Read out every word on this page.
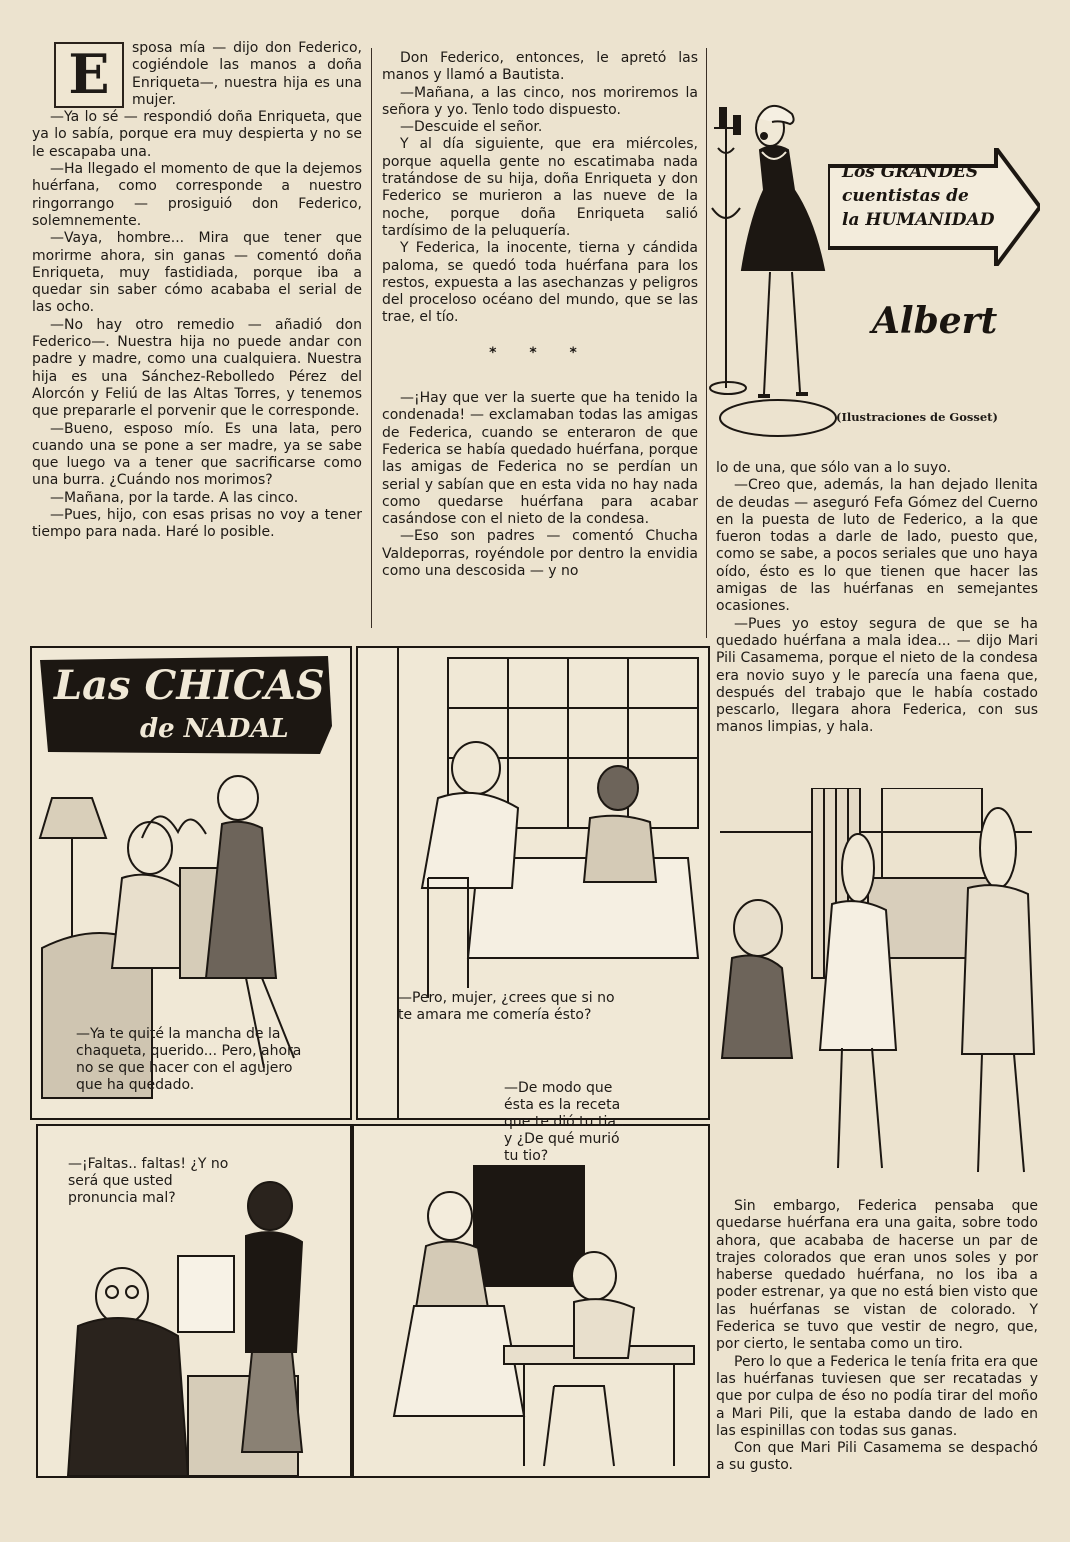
E	sposa mía — dijo don Federico, cogiéndole las manos a doña Enriqueta—, nuestra hija es una mujer.

—Ya lo sé — respondió doña Enriqueta, que ya lo sabía, porque era muy despierta y no se le escapaba una.

—Ha llegado el momento de que la dejemos huérfana, como corresponde a nuestro ringorrango — prosiguió don Federico, solemnemente.

—Vaya, hombre... Mira que tener que morirme ahora, sin ganas — comentó doña Enriqueta, muy fastidiada, porque iba a quedar sin saber cómo acababa el serial de las ocho.

—No hay otro remedio — añadió don Federico—. Nuestra hija no puede andar con padre y madre, como una cualquiera. Nuestra hija es una Sánchez-Rebolledo Pérez del Alorcón y Feliú de las Altas Torres, y tenemos que prepararle el porvenir que le corresponde.

—Bueno, esposo mío. Es una lata, pero cuando una se pone a ser madre, ya se sabe que luego va a tener que sacrificarse como una burra. ¿Cuándo nos morimos?

—Mañana, por la tarde. A las cinco.

—Pues, hijo, con esas prisas no voy a tener tiempo para nada. Haré lo posible.

Don Federico, entonces, le apretó las manos y llamó a Bautista.

—Mañana, a las cinco, nos moriremos la señora y yo. Tenlo todo dispuesto.

—Descuide el señor.

Y al día siguiente, que era miércoles, porque aquella gente no escatimaba nada tratándose de su hija, doña Enriqueta y don Federico se murieron a las nueve de la noche, porque doña Enriqueta salió tardísimo de la peluquería.

Y Federica, la inocente, tierna y cándida paloma, se quedó toda huérfana para los restos, expuesta a las asechanzas y peligros del proceloso océano del mundo, que se las trae, el tío.

* * *

—¡Hay que ver la suerte que ha tenido la condenada! — exclamaban todas las amigas de Federica, cuando se enteraron de que Federica se había quedado huérfana, porque las amigas de Federica no se perdían un serial y sabían que en esta vida no hay nada como quedarse huérfana para acabar casándose con el nieto de la condesa.

—Eso son padres — comentó Chucha Valdeporras, royéndole por dentro la envidia como una descosida — y no

Los GRANDES
cuentistas de
la HUMANIDAD
Albert
(Ilustraciones de Gosset)

lo de una, que sólo van a lo suyo.

—Creo que, además, la han dejado llenita de deudas — aseguró Fefa Gómez del Cuerno en la puesta de luto de Federico, a la que fueron todas a darle de lado, puesto que, como se sabe, a pocos seriales que uno haya oído, ésto es lo que tienen que hacer las amigas de las huérfanas en semejantes ocasiones.

—Pues yo estoy segura de que se ha quedado huérfana a mala idea... — dijo Mari Pili Casamema, porque el nieto de la condesa era novio suyo y le parecía una faena que, después del trabajo que le había costado pescarlo, llegara ahora Federica, con sus manos limpias, y hala.

Las CHICAS
de NADAL
—Ya te quité la mancha de la chaqueta, querido... Pero, ahora no se que hacer con el agujero que ha quedado.
—Pero, mujer, ¿crees que si no te amara me comería ésto?
—¡Faltas.. faltas! ¿Y no será que usted pronuncia mal?
—De modo que ésta es la receta que te dió tu tia.. y ¿De qué murió tu tio?

Sin embargo, Federica pensaba que quedarse huérfana era una gaita, sobre todo ahora, que acababa de hacerse un par de trajes colorados que eran unos soles y por haberse quedado huérfana, no los iba a poder estrenar, ya que no está bien visto que las huérfanas se vistan de colorado. Y Federica se tuvo que vestir de negro, que, por cierto, le sentaba como un tiro.

Pero lo que a Federica le tenía frita era que las huérfanas tuviesen que ser recatadas y que por culpa de éso no podía tirar del moño a Mari Pili, que la estaba dando de lado en las espinillas con todas sus ganas.

Con que Mari Pili Casamema se despachó a su gusto.
